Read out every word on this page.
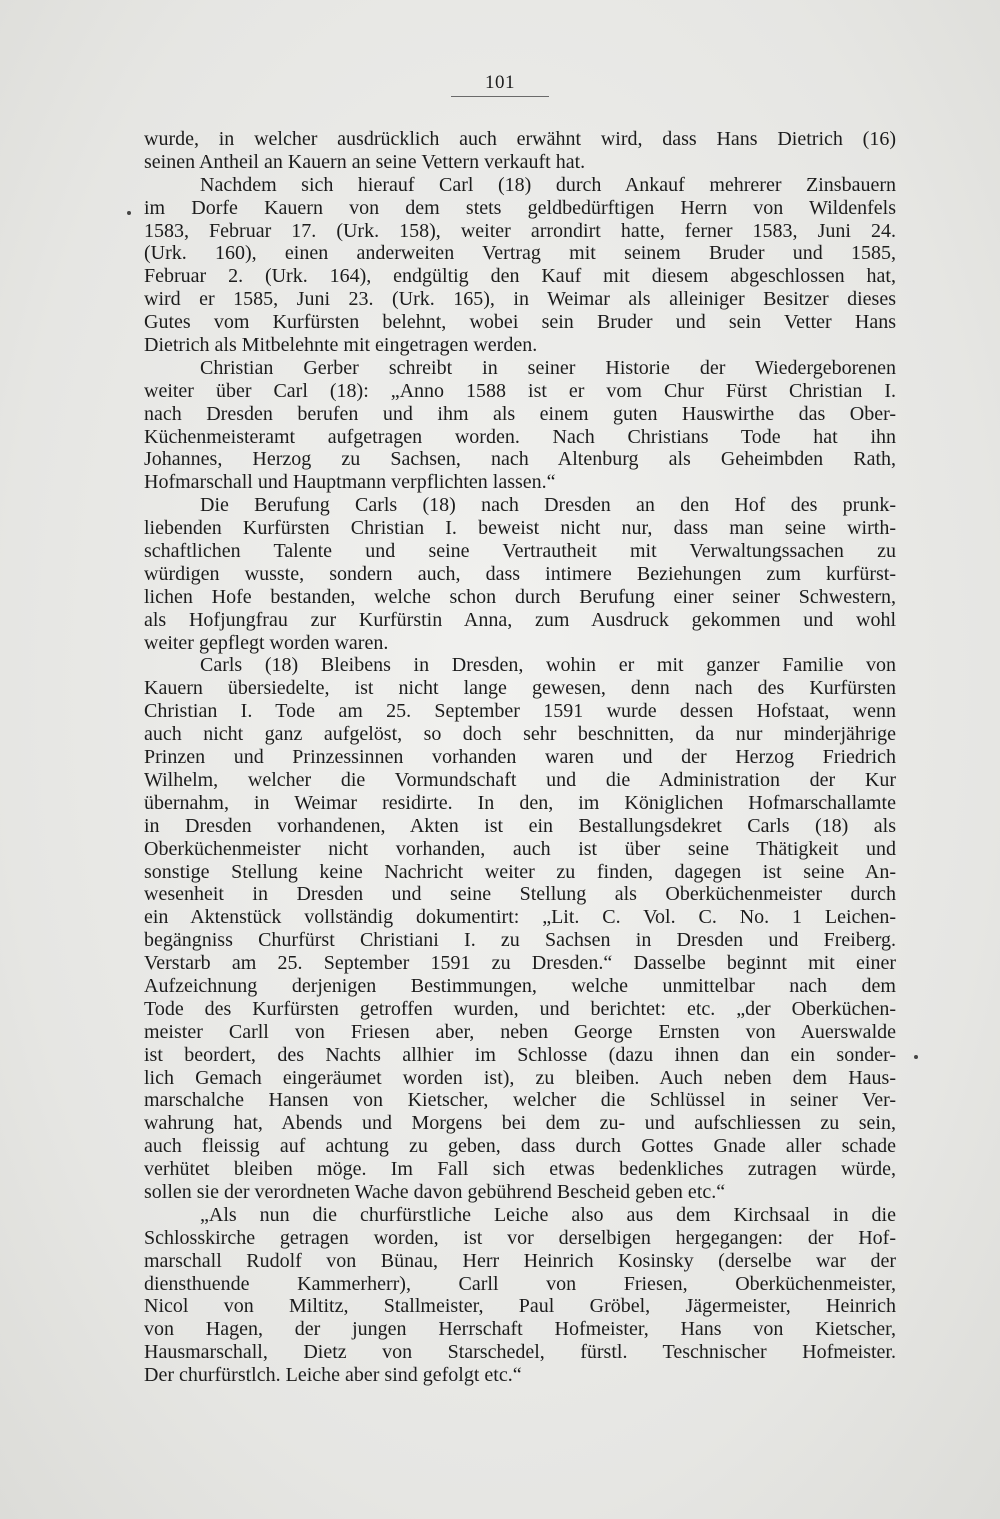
101
wurde, in welcher ausdrücklich auch erwähnt wird, dass Hans Dietrich (16)
seinen Antheil an Kauern an seine Vettern verkauft hat.
Nachdem sich hierauf Carl (18) durch Ankauf mehrerer Zinsbauern
im Dorfe Kauern von dem stets geldbedürftigen Herrn von Wildenfels
1583, Februar 17. (Urk. 158), weiter arrondirt hatte, ferner 1583, Juni 24.
(Urk. 160), einen anderweiten Vertrag mit seinem Bruder und 1585,
Februar 2. (Urk. 164), endgültig den Kauf mit diesem abgeschlossen hat,
wird er 1585, Juni 23. (Urk. 165), in Weimar als alleiniger Besitzer dieses
Gutes vom Kurfürsten belehnt, wobei sein Bruder und sein Vetter Hans
Dietrich als Mitbelehnte mit eingetragen werden.
Christian Gerber schreibt in seiner Historie der Wiedergeborenen
weiter über Carl (18): „Anno 1588 ist er vom Chur Fürst Christian I.
nach Dresden berufen und ihm als einem guten Hauswirthe das Ober-
Küchenmeisteramt aufgetragen worden. Nach Christians Tode hat ihn
Johannes, Herzog zu Sachsen, nach Altenburg als Geheimbden Rath,
Hofmarschall und Hauptmann verpflichten lassen.“
Die Berufung Carls (18) nach Dresden an den Hof des prunk-
liebenden Kurfürsten Christian I. beweist nicht nur, dass man seine wirth-
schaftlichen Talente und seine Vertrautheit mit Verwaltungssachen zu
würdigen wusste, sondern auch, dass intimere Beziehungen zum kurfürst-
lichen Hofe bestanden, welche schon durch Berufung einer seiner Schwestern,
als Hofjungfrau zur Kurfürstin Anna, zum Ausdruck gekommen und wohl
weiter gepflegt worden waren.
Carls (18) Bleibens in Dresden, wohin er mit ganzer Familie von
Kauern übersiedelte, ist nicht lange gewesen, denn nach des Kurfürsten
Christian I. Tode am 25. September 1591 wurde dessen Hofstaat, wenn
auch nicht ganz aufgelöst, so doch sehr beschnitten, da nur minderjährige
Prinzen und Prinzessinnen vorhanden waren und der Herzog Friedrich
Wilhelm, welcher die Vormundschaft und die Administration der Kur
übernahm, in Weimar residirte. In den, im Königlichen Hofmarschallamte
in Dresden vorhandenen, Akten ist ein Bestallungsdekret Carls (18) als
Oberküchenmeister nicht vorhanden, auch ist über seine Thätigkeit und
sonstige Stellung keine Nachricht weiter zu finden, dagegen ist seine An-
wesenheit in Dresden und seine Stellung als Oberküchenmeister durch
ein Aktenstück vollständig dokumentirt: „Lit. C. Vol. C. No. 1 Leichen-
begängniss Churfürst Christiani I. zu Sachsen in Dresden und Freiberg.
Verstarb am 25. September 1591 zu Dresden.“ Dasselbe beginnt mit einer
Aufzeichnung derjenigen Bestimmungen, welche unmittelbar nach dem
Tode des Kurfürsten getroffen wurden, und berichtet: etc. „der Oberküchen-
meister Carll von Friesen aber, neben George Ernsten von Auerswalde
ist beordert, des Nachts allhier im Schlosse (dazu ihnen dan ein sonder-
lich Gemach eingeräumet worden ist), zu bleiben. Auch neben dem Haus-
marschalche Hansen von Kietscher, welcher die Schlüssel in seiner Ver-
wahrung hat, Abends und Morgens bei dem zu- und aufschliessen zu sein,
auch fleissig auf achtung zu geben, dass durch Gottes Gnade aller schade
verhütet bleiben möge. Im Fall sich etwas bedenkliches zutragen würde,
sollen sie der verordneten Wache davon gebührend Bescheid geben etc.“
„Als nun die churfürstliche Leiche also aus dem Kirchsaal in die
Schlosskirche getragen worden, ist vor derselbigen hergegangen: der Hof-
marschall Rudolf von Bünau, Herr Heinrich Kosinsky (derselbe war der
diensthuende Kammerherr), Carll von Friesen, Oberküchenmeister,
Nicol von Miltitz, Stallmeister, Paul Gröbel, Jägermeister, Heinrich
von Hagen, der jungen Herrschaft Hofmeister, Hans von Kietscher,
Hausmarschall, Dietz von Starschedel, fürstl. Teschnischer Hofmeister.
Der churfürstlch. Leiche aber sind gefolgt etc.“
